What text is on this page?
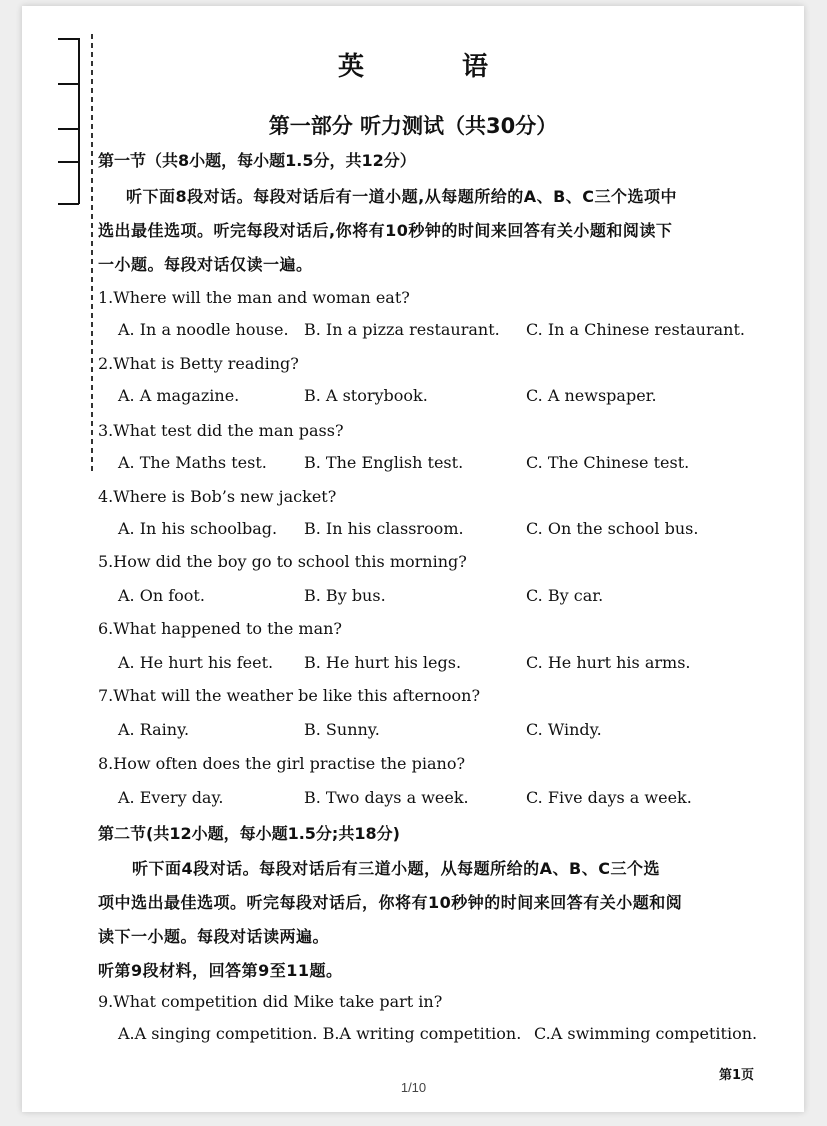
英　语
第一部分 听力测试（共30分）
第一节（共8小题，每小题1.5分，共12分）
听下面8段对话。每段对话后有一道小题,从每题所给的A、B、C三个选项中
选出最佳选项。听完每段对话后,你将有10秒钟的时间来回答有关小题和阅读下
一小题。每段对话仅读一遍。
1.Where will the man and woman eat?
A. In a noodle house. B. In a pizza restaurant. C. In a Chinese restaurant.
2.What is Betty reading?
A. A magazine.	B. A storybook.	C. A newspaper.
3.What test did the man pass?
A. The Maths test. B. The English test.	C. The Chinese test.
4.Where is Bob’s new jacket?
A. In his schoolbag. B. In his classroom.	C. On the school bus.
5.How did the boy go to school this morning?
A. On foot.	B. By bus.	C. By car.
6.What happened to the man?
A. He hurt his feet. B. He hurt his legs.	C. He hurt his arms.
7.What will the weather be like this afternoon?
A. Rainy.	B. Sunny.	C. Windy.
8.How often does the girl practise the piano?
A. Every day.	B. Two days a week.	C. Five days a week.
第二节(共12小题，每小题1.5分;共18分)
听下面4段对话。每段对话后有三道小题，从每题所给的A、B、C三个选
项中选出最佳选项。听完每段对话后，你将有10秒钟的时间来回答有关小题和阅
读下一小题。每段对话读两遍。
听第9段材料，回答第9至11题。
9.What competition did Mike take part in?
A.A singing competition. B.A writing competition. C.A swimming competition.
第1页
1/10
